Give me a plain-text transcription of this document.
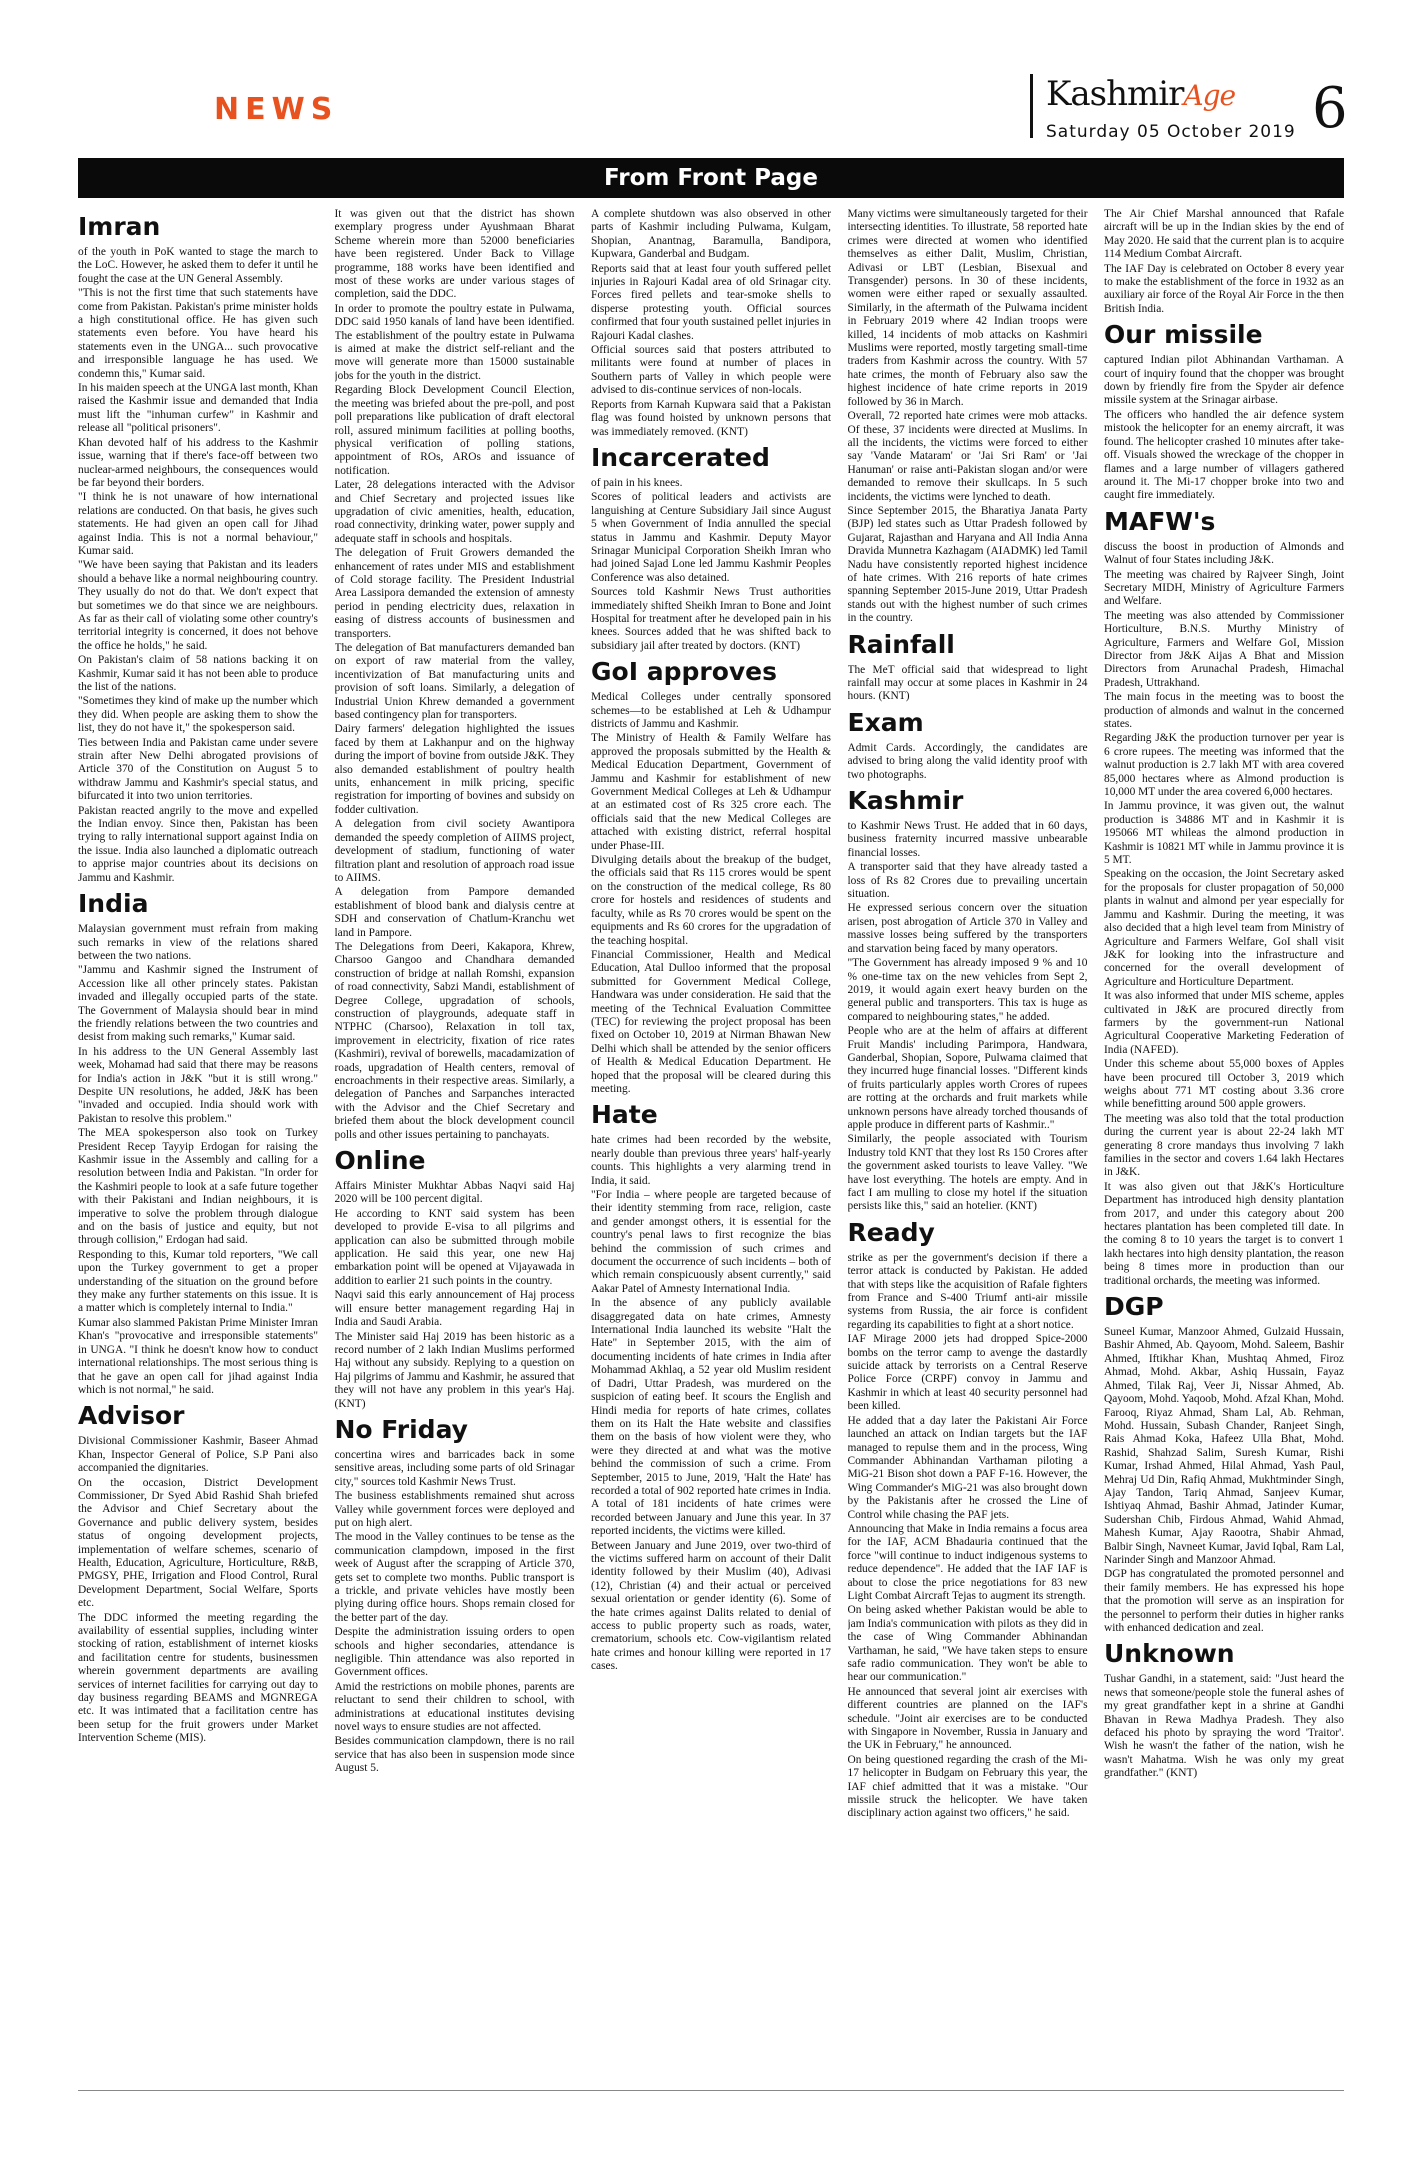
NEWS	KashmirAge
Saturday 05 October 2019 6
From Front Page
Imran

of the youth in PoK wanted to stage the march to the LoC. However, he asked them to defer it until he fought the case at the UN General Assembly.

"This is not the first time that such statements have come from Pakistan. Pakistan's prime minister holds a high constitutional office. He has given such statements even before. You have heard his statements even in the UNGA... such provocative and irresponsible language he has used. We condemn this," Kumar said.

In his maiden speech at the UNGA last month, Khan raised the Kashmir issue and demanded that India must lift the "inhuman curfew" in Kashmir and release all "political prisoners".

Khan devoted half of his address to the Kashmir issue, warning that if there's face-off between two nuclear-armed neighbours, the consequences would be far beyond their borders.

"I think he is not unaware of how international relations are conducted. On that basis, he gives such statements. He had given an open call for Jihad against India. This is not a normal behaviour," Kumar said.

"We have been saying that Pakistan and its leaders should a behave like a normal neighbouring country. They usually do not do that. We don't expect that but sometimes we do that since we are neighbours. As far as their call of violating some other country's territorial integrity is concerned, it does not behove the office he holds," he said.

On Pakistan's claim of 58 nations backing it on Kashmir, Kumar said it has not been able to produce the list of the nations.

"Sometimes they kind of make up the number which they did. When people are asking them to show the list, they do not have it," the spokesperson said.

Ties between India and Pakistan came under severe strain after New Delhi abrogated provisions of Article 370 of the Constitution on August 5 to withdraw Jammu and Kashmir's special status, and bifurcated it into two union territories.

Pakistan reacted angrily to the move and expelled the Indian envoy. Since then, Pakistan has been trying to rally international support against India on the issue. India also launched a diplomatic outreach to apprise major countries about its decisions on Jammu and Kashmir.

India

Malaysian government must refrain from making such remarks in view of the relations shared between the two nations.

"Jammu and Kashmir signed the Instrument of Accession like all other princely states. Pakistan invaded and illegally occupied parts of the state. The Government of Malaysia should bear in mind the friendly relations between the two countries and desist from making such remarks," Kumar said.

In his address to the UN General Assembly last week, Mohamad had said that there may be reasons for India's action in J&K "but it is still wrong." Despite UN resolutions, he added, J&K has been "invaded and occupied. India should work with Pakistan to resolve this problem."

The MEA spokesperson also took on Turkey President Recep Tayyip Erdogan for raising the Kashmir issue in the Assembly and calling for a resolution between India and Pakistan. "In order for the Kashmiri people to look at a safe future together with their Pakistani and Indian neighbours, it is imperative to solve the problem through dialogue and on the basis of justice and equity, but not through collision," Erdogan had said.

Responding to this, Kumar told reporters, "We call upon the Turkey government to get a proper understanding of the situation on the ground before they make any further statements on this issue. It is a matter which is completely internal to India."

Kumar also slammed Pakistan Prime Minister Imran Khan's "provocative and irresponsible statements" in UNGA. "I think he doesn't know how to conduct international relationships. The most serious thing is that he gave an open call for jihad against India which is not normal," he said.

Advisor

Divisional Commissioner Kashmir, Baseer Ahmad Khan, Inspector General of Police, S.P Pani also accompanied the dignitaries.

On the occasion, District Development Commissioner, Dr Syed Abid Rashid Shah briefed the Advisor and Chief Secretary about the Governance and public delivery system, besides status of ongoing development projects, implementation of welfare schemes, scenario of Health, Education, Agriculture, Horticulture, R&B, PMGSY, PHE, Irrigation and Flood Control, Rural Development Department, Social Welfare, Sports etc.

The DDC informed the meeting regarding the availability of essential supplies, including winter stocking of ration, establishment of internet kiosks and facilitation centre for students, businessmen wherein government departments are availing services of internet facilities for carrying out day to day business regarding BEAMS and MGNREGA etc. It was intimated that a facilitation centre has been setup for the fruit growers under Market Intervention Scheme (MIS).

It was given out that the district has shown exemplary progress under Ayushmaan Bharat Scheme wherein more than 52000 beneficiaries have been registered. Under Back to Village programme, 188 works have been identified and most of these works are under various stages of completion, said the DDC.

In order to promote the poultry estate in Pulwama, DDC said 1950 kanals of land have been identified. The establishment of the poultry estate in Pulwama is aimed at make the district self-reliant and the move will generate more than 15000 sustainable jobs for the youth in the district.

Regarding Block Development Council Election, the meeting was briefed about the pre-poll, and post poll preparations like publication of draft electoral roll, assured minimum facilities at polling booths, physical verification of polling stations, appointment of ROs, AROs and issuance of notification.

Later, 28 delegations interacted with the Advisor and Chief Secretary and projected issues like upgradation of civic amenities, health, education, road connectivity, drinking water, power supply and adequate staff in schools and hospitals.

The delegation of Fruit Growers demanded the enhancement of rates under MIS and establishment of Cold storage facility. The President Industrial Area Lassipora demanded the extension of amnesty period in pending electricity dues, relaxation in easing of distress accounts of businessmen and transporters.

The delegation of Bat manufacturers demanded ban on export of raw material from the valley, incentivization of Bat manufacturing units and provision of soft loans. Similarly, a delegation of Industrial Union Khrew demanded a government based contingency plan for transporters.

Dairy farmers' delegation highlighted the issues faced by them at Lakhanpur and on the highway during the import of bovine from outside J&K. They also demanded establishment of poultry health units, enhancement in milk pricing, specific registration for importing of bovines and subsidy on fodder cultivation.

A delegation from civil society Awantipora demanded the speedy completion of AIIMS project, development of stadium, functioning of water filtration plant and resolution of approach road issue to AIIMS.

A delegation from Pampore demanded establishment of blood bank and dialysis centre at SDH and conservation of Chatlum-Kranchu wet land in Pampore.

The Delegations from Deeri, Kakapora, Khrew, Charsoo Gangoo and Chandhara demanded construction of bridge at nallah Romshi, expansion of road connectivity, Sabzi Mandi, establishment of Degree College, upgradation of schools, construction of playgrounds, adequate staff in NTPHC (Charsoo), Relaxation in toll tax, improvement in electricity, fixation of rice rates (Kashmiri), revival of borewells, macadamization of roads, upgradation of Health centers, removal of encroachments in their respective areas. Similarly, a delegation of Panches and Sarpanches interacted with the Advisor and the Chief Secretary and briefed them about the block development council polls and other issues pertaining to panchayats.

Online

Affairs Minister Mukhtar Abbas Naqvi said Haj 2020 will be 100 percent digital.

He according to KNT said system has been developed to provide E-visa to all pilgrims and application can also be submitted through mobile application. He said this year, one new Haj embarkation point will be opened at Vijayawada in addition to earlier 21 such points in the country.

Naqvi said this early announcement of Haj process will ensure better management regarding Haj in India and Saudi Arabia.

The Minister said Haj 2019 has been historic as a record number of 2 lakh Indian Muslims performed Haj without any subsidy. Replying to a question on Haj pilgrims of Jammu and Kashmir, he assured that they will not have any problem in this year's Haj. (KNT)

No Friday

concertina wires and barricades back in some sensitive areas, including some parts of old Srinagar city," sources told Kashmir News Trust.

The business establishments remained shut across Valley while government forces were deployed and put on high alert.

The mood in the Valley continues to be tense as the communication clampdown, imposed in the first week of August after the scrapping of Article 370, gets set to complete two months. Public transport is a trickle, and private vehicles have mostly been plying during office hours. Shops remain closed for the better part of the day.

Despite the administration issuing orders to open schools and higher secondaries, attendance is negligible. Thin attendance was also reported in Government offices.

Amid the restrictions on mobile phones, parents are reluctant to send their children to school, with administrations at educational institutes devising novel ways to ensure studies are not affected.

Besides communication clampdown, there is no rail service that has also been in suspension mode since August 5.

A complete shutdown was also observed in other parts of Kashmir including Pulwama, Kulgam, Shopian, Anantnag, Baramulla, Bandipora, Kupwara, Ganderbal and Budgam.

Reports said that at least four youth suffered pellet injuries in Rajouri Kadal area of old Srinagar city. Forces fired pellets and tear-smoke shells to disperse protesting youth. Official sources confirmed that four youth sustained pellet injuries in Rajouri Kadal clashes.

Official sources said that posters attributed to militants were found at number of places in Southern parts of Valley in which people were advised to dis-continue services of non-locals.

Reports from Karnah Kupwara said that a Pakistan flag was found hoisted by unknown persons that was immediately removed. (KNT)

Incarcerated

of pain in his knees.

Scores of political leaders and activists are languishing at Centure Subsidiary Jail since August 5 when Government of India annulled the special status in Jammu and Kashmir. Deputy Mayor Srinagar Municipal Corporation Sheikh Imran who had joined Sajad Lone led Jammu Kashmir Peoples Conference was also detained.

Sources told Kashmir News Trust authorities immediately shifted Sheikh Imran to Bone and Joint Hospital for treatment after he developed pain in his knees. Sources added that he was shifted back to subsidiary jail after treated by doctors. (KNT)

GoI approves

Medical Colleges under centrally sponsored schemes—to be established at Leh & Udhampur districts of Jammu and Kashmir.

The Ministry of Health & Family Welfare has approved the proposals submitted by the Health & Medical Education Department, Government of Jammu and Kashmir for establishment of new Government Medical Colleges at Leh & Udhampur at an estimated cost of Rs 325 crore each. The officials said that the new Medical Colleges are attached with existing district, referral hospital under Phase-III.

Divulging details about the breakup of the budget, the officials said that Rs 115 crores would be spent on the construction of the medical college, Rs 80 crore for hostels and residences of students and faculty, while as Rs 70 crores would be spent on the equipments and Rs 60 crores for the upgradation of the teaching hospital.

Financial Commissioner, Health and Medical Education, Atal Dulloo informed that the proposal submitted for Government Medical College, Handwara was under consideration. He said that the meeting of the Technical Evaluation Committee (TEC) for reviewing the project proposal has been fixed on October 10, 2019 at Nirman Bhawan New Delhi which shall be attended by the senior officers of Health & Medical Education Department. He hoped that the proposal will be cleared during this meeting.

Hate

hate crimes had been recorded by the website, nearly double than previous three years' half-yearly counts. This highlights a very alarming trend in India, it said.

"For India – where people are targeted because of their identity stemming from race, religion, caste and gender amongst others, it is essential for the country's penal laws to first recognize the bias behind the commission of such crimes and document the occurrence of such incidents – both of which remain conspicuously absent currently," said Aakar Patel of Amnesty International India.

In the absence of any publicly available disaggregated data on hate crimes, Amnesty International India launched its website "Halt the Hate" in September 2015, with the aim of documenting incidents of hate crimes in India after Mohammad Akhlaq, a 52 year old Muslim resident of Dadri, Uttar Pradesh, was murdered on the suspicion of eating beef. It scours the English and Hindi media for reports of hate crimes, collates them on its Halt the Hate website and classifies them on the basis of how violent were they, who were they directed at and what was the motive behind the commission of such a crime. From September, 2015 to June, 2019, 'Halt the Hate' has recorded a total of 902 reported hate crimes in India. A total of 181 incidents of hate crimes were recorded between January and June this year. In 37 reported incidents, the victims were killed.

Between January and June 2019, over two-third of the victims suffered harm on account of their Dalit identity followed by their Muslim (40), Adivasi (12), Christian (4) and their actual or perceived sexual orientation or gender identity (6). Some of the hate crimes against Dalits related to denial of access to public property such as roads, water, crematorium, schools etc. Cow-vigilantism related hate crimes and honour killing were reported in 17 cases.

Many victims were simultaneously targeted for their intersecting identities. To illustrate, 58 reported hate crimes were directed at women who identified themselves as either Dalit, Muslim, Christian, Adivasi or LBT (Lesbian, Bisexual and Transgender) persons. In 30 of these incidents, women were either raped or sexually assaulted. Similarly, in the aftermath of the Pulwama incident in February 2019 where 42 Indian troops were killed, 14 incidents of mob attacks on Kashmiri Muslims were reported, mostly targeting small-time traders from Kashmir across the country. With 57 hate crimes, the month of February also saw the highest incidence of hate crime reports in 2019 followed by 36 in March.

Overall, 72 reported hate crimes were mob attacks. Of these, 37 incidents were directed at Muslims. In all the incidents, the victims were forced to either say 'Vande Mataram' or 'Jai Sri Ram' or 'Jai Hanuman' or raise anti-Pakistan slogan and/or were demanded to remove their skullcaps. In 5 such incidents, the victims were lynched to death.

Since September 2015, the Bharatiya Janata Party (BJP) led states such as Uttar Pradesh followed by Gujarat, Rajasthan and Haryana and All India Anna Dravida Munnetra Kazhagam (AIADMK) led Tamil Nadu have consistently reported highest incidence of hate crimes. With 216 reports of hate crimes spanning September 2015-June 2019, Uttar Pradesh stands out with the highest number of such crimes in the country.

Rainfall

The MeT official said that widespread to light rainfall may occur at some places in Kashmir in 24 hours. (KNT)

Exam

Admit Cards. Accordingly, the candidates are advised to bring along the valid identity proof with two photographs.

Kashmir

to Kashmir News Trust. He added that in 60 days, business fraternity incurred massive unbearable financial losses.

A transporter said that they have already tasted a loss of Rs 82 Crores due to prevailing uncertain situation.

He expressed serious concern over the situation arisen, post abrogation of Article 370 in Valley and massive losses being suffered by the transporters and starvation being faced by many operators.

"The Government has already imposed 9 % and 10 % one-time tax on the new vehicles from Sept 2, 2019, it would again exert heavy burden on the general public and transporters. This tax is huge as compared to neighbouring states," he added.

People who are at the helm of affairs at different Fruit Mandis' including Parimpora, Handwara, Ganderbal, Shopian, Sopore, Pulwama claimed that they incurred huge financial losses. "Different kinds of fruits particularly apples worth Crores of rupees are rotting at the orchards and fruit markets while unknown persons have already torched thousands of apple produce in different parts of Kashmir.."

Similarly, the people associated with Tourism Industry told KNT that they lost Rs 150 Crores after the government asked tourists to leave Valley. "We have lost everything. The hotels are empty. And in fact I am mulling to close my hotel if the situation persists like this," said an hotelier. (KNT)

Ready

strike as per the government's decision if there a terror attack is conducted by Pakistan. He added that with steps like the acquisition of Rafale fighters from France and S-400 Triumf anti-air missile systems from Russia, the air force is confident regarding its capabilities to fight at a short notice.

IAF Mirage 2000 jets had dropped Spice-2000 bombs on the terror camp to avenge the dastardly suicide attack by terrorists on a Central Reserve Police Force (CRPF) convoy in Jammu and Kashmir in which at least 40 security personnel had been killed.

He added that a day later the Pakistani Air Force launched an attack on Indian targets but the IAF managed to repulse them and in the process, Wing Commander Abhinandan Varthaman piloting a MiG-21 Bison shot down a PAF F-16. However, the Wing Commander's MiG-21 was also brought down by the Pakistanis after he crossed the Line of Control while chasing the PAF jets.

Announcing that Make in India remains a focus area for the IAF, ACM Bhadauria continued that the force "will continue to induct indigenous systems to reduce dependence". He added that the IAF IAF is about to close the price negotiations for 83 new Light Combat Aircraft Tejas to augment its strength.

On being asked whether Pakistan would be able to jam India's communication with pilots as they did in the case of Wing Commander Abhinandan Varthaman, he said, "We have taken steps to ensure safe radio communication. They won't be able to hear our communication."

He announced that several joint air exercises with different countries are planned on the IAF's schedule. "Joint air exercises are to be conducted with Singapore in November, Russia in January and the UK in February," he announced.

On being questioned regarding the crash of the Mi-17 helicopter in Budgam on February this year, the IAF chief admitted that it was a mistake. "Our missile struck the helicopter. We have taken disciplinary action against two officers," he said.

The Air Chief Marshal announced that Rafale aircraft will be up in the Indian skies by the end of May 2020. He said that the current plan is to acquire 114 Medium Combat Aircraft.

The IAF Day is celebrated on October 8 every year to make the establishment of the force in 1932 as an auxiliary air force of the Royal Air Force in the then British India.

Our missile

captured Indian pilot Abhinandan Varthaman. A court of inquiry found that the chopper was brought down by friendly fire from the Spyder air defence missile system at the Srinagar airbase.

The officers who handled the air defence system mistook the helicopter for an enemy aircraft, it was found. The helicopter crashed 10 minutes after take-off. Visuals showed the wreckage of the chopper in flames and a large number of villagers gathered around it. The Mi-17 chopper broke into two and caught fire immediately.

MAFW's

discuss the boost in production of Almonds and Walnut of four States including J&K.

The meeting was chaired by Rajveer Singh, Joint Secretary MIDH, Ministry of Agriculture Farmers and Welfare.

The meeting was also attended by Commissioner Horticulture, B.N.S. Murthy Ministry of Agriculture, Farmers and Welfare GoI, Mission Director from J&K Aijas A Bhat and Mission Directors from Arunachal Pradesh, Himachal Pradesh, Uttrakhand.

The main focus in the meeting was to boost the production of almonds and walnut in the concerned states.

Regarding J&K the production turnover per year is 6 crore rupees. The meeting was informed that the walnut production is 2.7 lakh MT with area covered 85,000 hectares where as Almond production is 10,000 MT under the area covered 6,000 hectares.

In Jammu province, it was given out, the walnut production is 34886 MT and in Kashmir it is 195066 MT whileas the almond production in Kashmir is 10821 MT while in Jammu province it is 5 MT.

Speaking on the occasion, the Joint Secretary asked for the proposals for cluster propagation of 50,000 plants in walnut and almond per year especially for Jammu and Kashmir. During the meeting, it was also decided that a high level team from Ministry of Agriculture and Farmers Welfare, GoI shall visit J&K for looking into the infrastructure and concerned for the overall development of Agriculture and Horticulture Department.

It was also informed that under MIS scheme, apples cultivated in J&K are procured directly from farmers by the government-run National Agricultural Cooperative Marketing Federation of India (NAFED).

Under this scheme about 55,000 boxes of Apples have been procured till October 3, 2019 which weighs about 771 MT costing about 3.36 crore while benefitting around 500 apple growers.

The meeting was also told that the total production during the current year is about 22-24 lakh MT generating 8 crore mandays thus involving 7 lakh families in the sector and covers 1.64 lakh Hectares in J&K.

It was also given out that J&K's Horticulture Department has introduced high density plantation from 2017, and under this category about 200 hectares plantation has been completed till date. In the coming 8 to 10 years the target is to convert 1 lakh hectares into high density plantation, the reason being 8 times more in production than our traditional orchards, the meeting was informed.

DGP

Suneel Kumar, Manzoor Ahmed, Gulzaid Hussain, Bashir Ahmed, Ab. Qayoom, Mohd. Saleem, Bashir Ahmed, Iftikhar Khan, Mushtaq Ahmed, Firoz Ahmad, Mohd. Akbar, Ashiq Hussain, Fayaz Ahmed, Tilak Raj, Veer Ji, Nissar Ahmed, Ab. Qayoom, Mohd. Yaqoob, Mohd. Afzal Khan, Mohd. Farooq, Riyaz Ahmad, Sham Lal, Ab. Rehman, Mohd. Hussain, Subash Chander, Ranjeet Singh, Rais Ahmad Koka, Hafeez Ulla Bhat, Mohd. Rashid, Shahzad Salim, Suresh Kumar, Rishi Kumar, Irshad Ahmed, Hilal Ahmad, Yash Paul, Mehraj Ud Din, Rafiq Ahmad, Mukhtminder Singh, Ajay Tandon, Tariq Ahmad, Sanjeev Kumar, Ishtiyaq Ahmad, Bashir Ahmad, Jatinder Kumar, Sudershan Chib, Firdous Ahmad, Wahid Ahmad, Mahesh Kumar, Ajay Raootra, Shabir Ahmad, Balbir Singh, Navneet Kumar, Javid Iqbal, Ram Lal, Narinder Singh and Manzoor Ahmad.

DGP has congratulated the promoted personnel and their family members. He has expressed his hope that the promotion will serve as an inspiration for the personnel to perform their duties in higher ranks with enhanced dedication and zeal.

Unknown

Tushar Gandhi, in a statement, said: "Just heard the news that someone/people stole the funeral ashes of my great grandfather kept in a shrine at Gandhi Bhavan in Rewa Madhya Pradesh. They also defaced his photo by spraying the word 'Traitor'. Wish he wasn't the father of the nation, wish he wasn't Mahatma. Wish he was only my great grandfather." (KNT)
